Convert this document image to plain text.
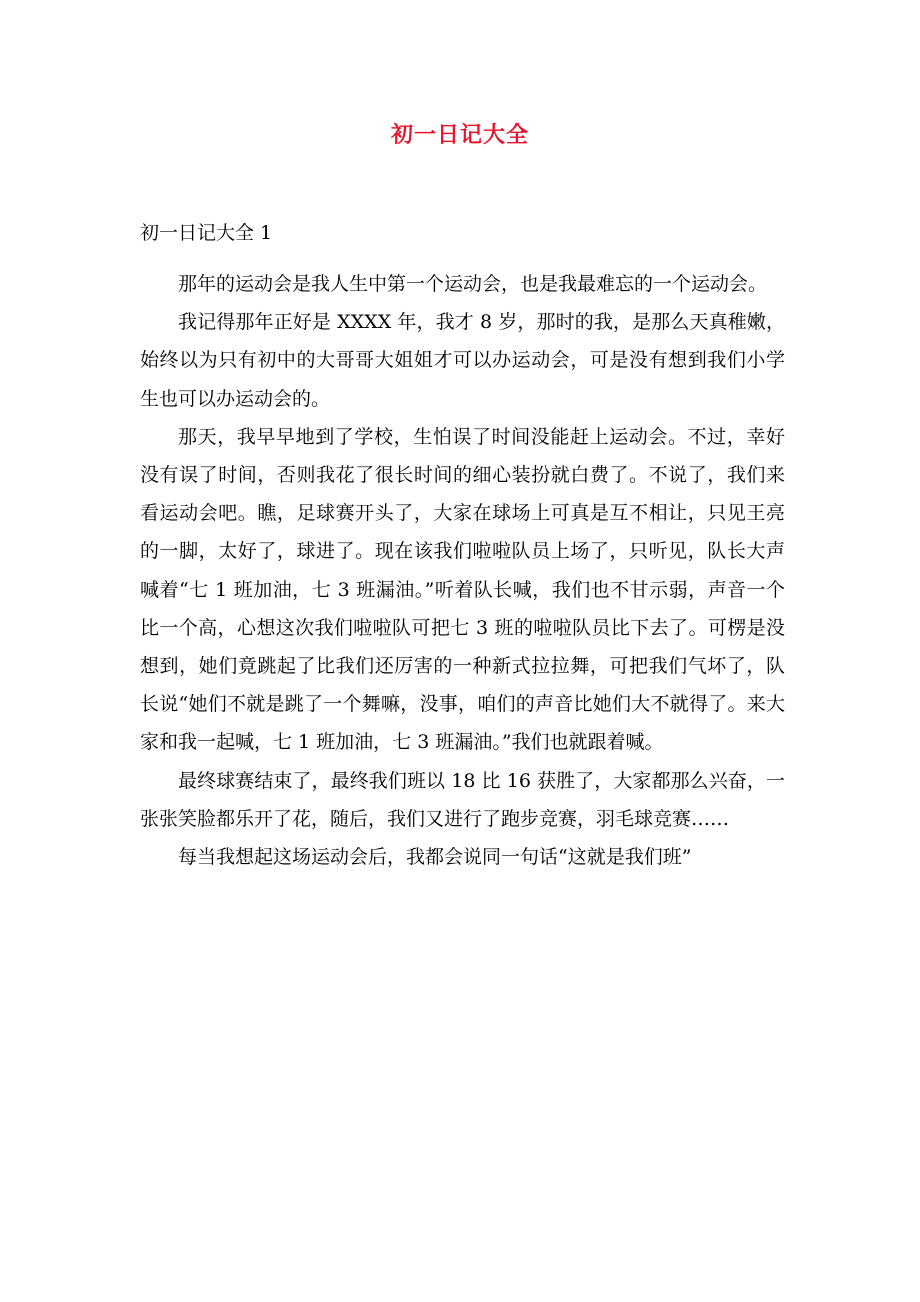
初一日记大全
初一日记大全 1

那年的运动会是我人生中第一个运动会，也是我最难忘的一个运动会。

我记得那年正好是 XXXX 年，我才 8 岁，那时的我，是那么天真稚嫩，始终以为只有初中的大哥哥大姐姐才可以办运动会，可是没有想到我们小学生也可以办运动会的。

那天，我早早地到了学校，生怕误了时间没能赶上运动会。不过，幸好没有误了时间，否则我花了很长时间的细心装扮就白费了。不说了，我们来看运动会吧。瞧，足球赛开头了，大家在球场上可真是互不相让，只见王亮的一脚，太好了，球进了。现在该我们啦啦队员上场了，只听见，队长大声喊着“七 1 班加油，七 3 班漏油。”听着队长喊，我们也不甘示弱，声音一个比一个高，心想这次我们啦啦队可把七 3 班的啦啦队员比下去了。可楞是没想到，她们竟跳起了比我们还厉害的一种新式拉拉舞，可把我们气坏了，队长说“她们不就是跳了一个舞嘛，没事，咱们的声音比她们大不就得了。来大家和我一起喊，七 1 班加油，七 3 班漏油。”我们也就跟着喊。

最终球赛结束了，最终我们班以 18 比 16 获胜了，大家都那么兴奋，一张张笑脸都乐开了花，随后，我们又进行了跑步竞赛，羽毛球竞赛……

每当我想起这场运动会后，我都会说同一句话“这就是我们班”
